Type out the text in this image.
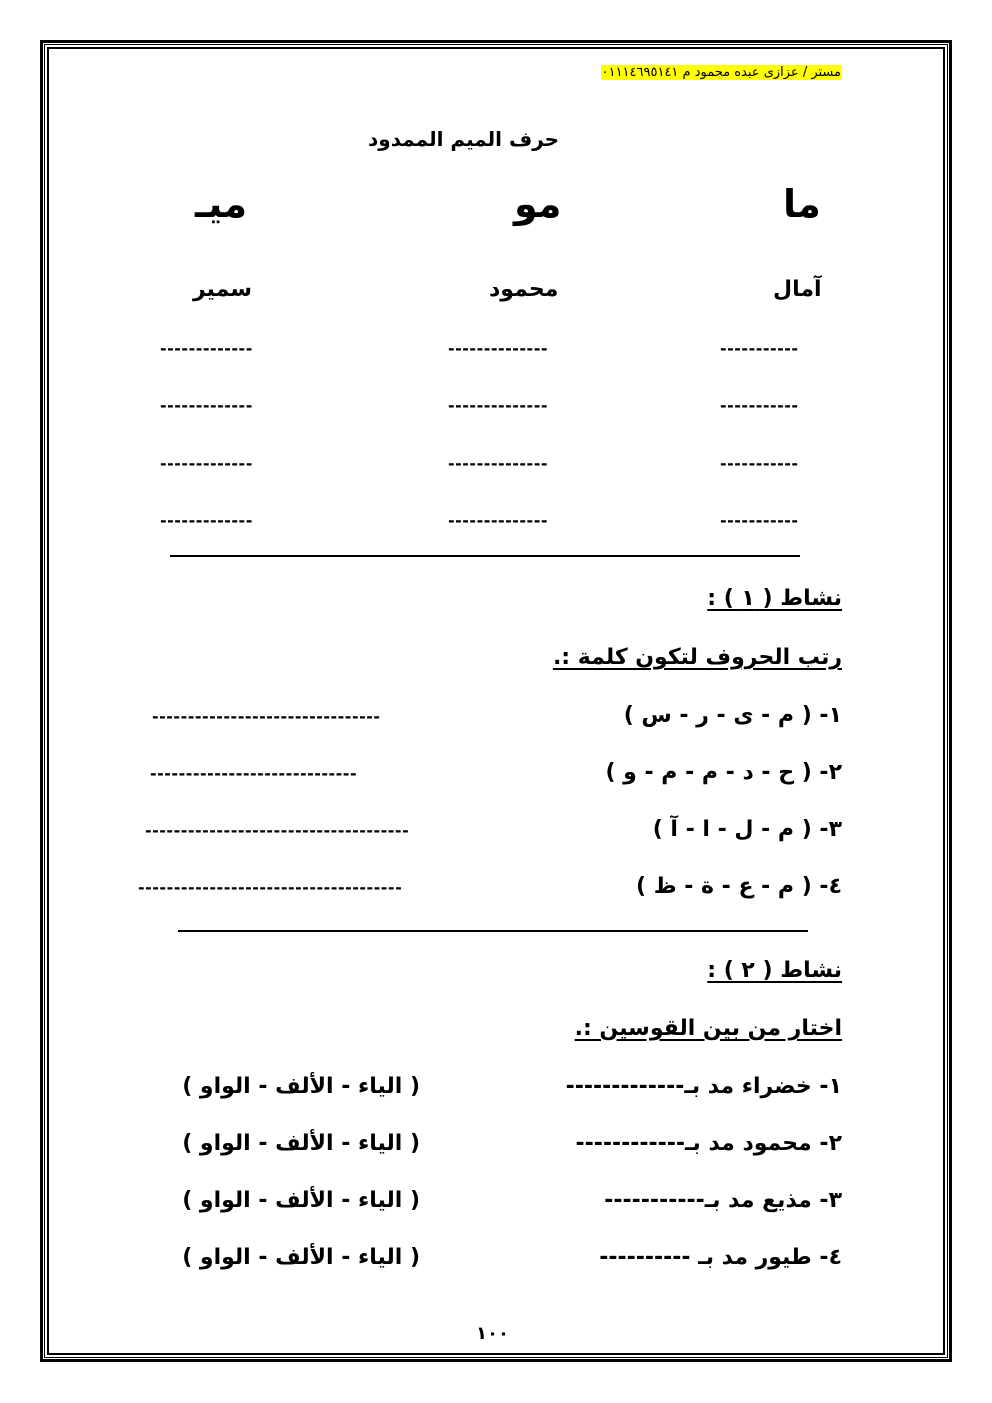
مستر / عزازى عبده محمود م ٠١١١٤٦٩٥١٤١
حرف الميم الممدود
ما
مو
ميـ
آمال
محمود
سمير
-----------
--------------
-------------
-----------
--------------
-------------
-----------
--------------
-------------
-----------
--------------
-------------
نشاط ( ١ ) :
رتب الحروف لتكون كلمة :.
١- ( م - ى - ر - س )
--------------------------------
٢- ( ح - د - م - م - و )
-----------------------------
٣- ( م - ل - ا - آ )
-------------------------------------
٤- ( م - ع - ة - ظ )
-------------------------------------
نشاط ( ٢ ) :
اختار من بين القوسين :.
١- خضراء مد بـ-------------
( الياء - الألف - الواو )
٢- محمود مد بـ------------
( الياء - الألف - الواو )
٣- مذيع مد بـ-----------
( الياء - الألف - الواو )
٤- طيور مد بـ ----------
( الياء - الألف - الواو )
١٠٠
